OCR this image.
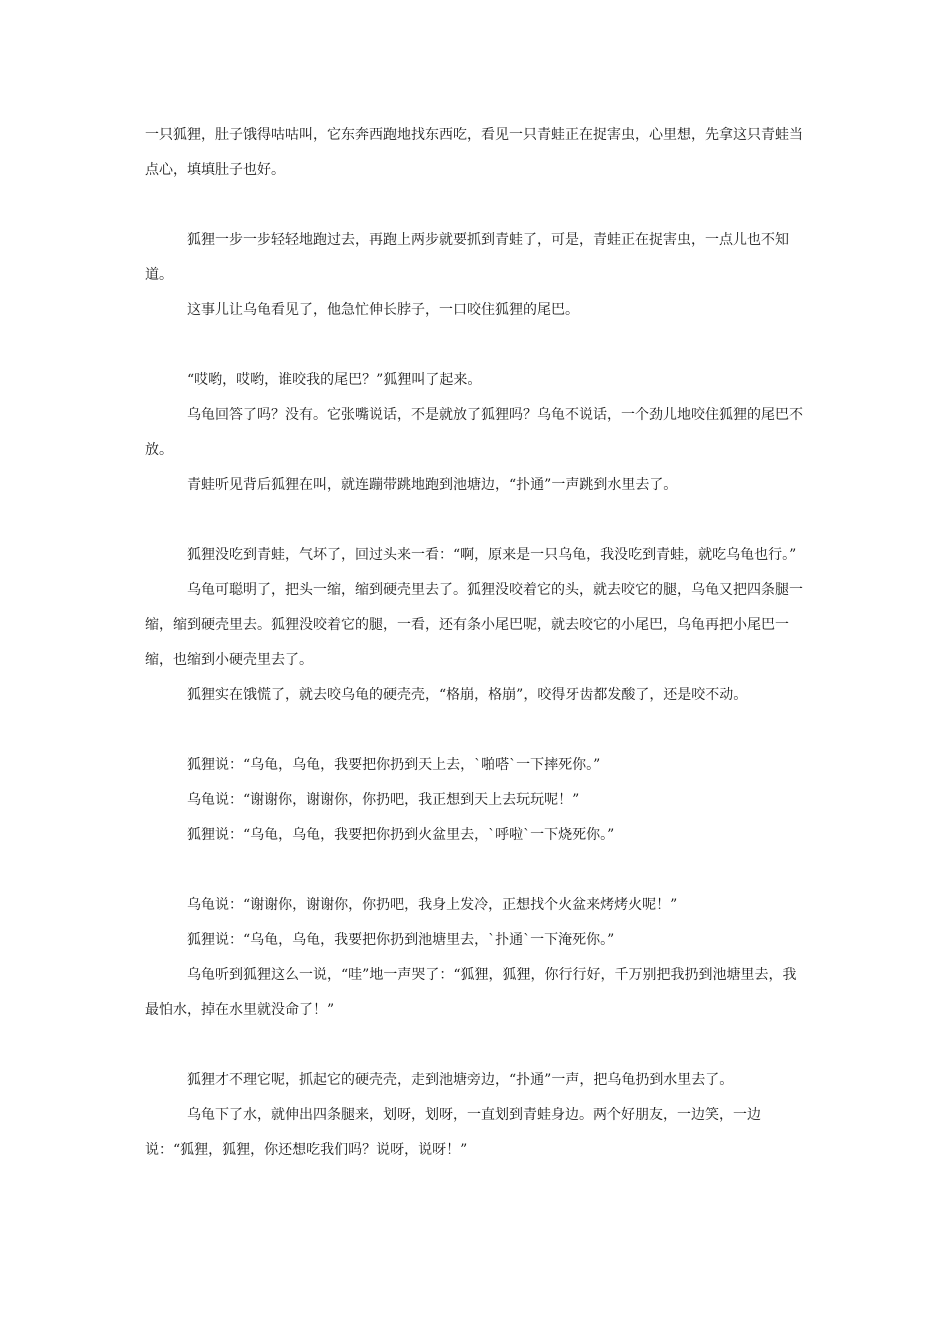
一只狐狸，肚子饿得咕咕叫，它东奔西跑地找东西吃，看见一只青蛙正在捉害虫，心里想，先拿这只青蛙当点心，填填肚子也好。

狐狸一步一步轻轻地跑过去，再跑上两步就要抓到青蛙了，可是，青蛙正在捉害虫，一点儿也不知道。

这事儿让乌龟看见了，他急忙伸长脖子，一口咬住狐狸的尾巴。

“哎哟，哎哟，谁咬我的尾巴？”狐狸叫了起来。

乌龟回答了吗？没有。它张嘴说话，不是就放了狐狸吗？乌龟不说话，一个劲儿地咬住狐狸的尾巴不放。

青蛙听见背后狐狸在叫，就连蹦带跳地跑到池塘边，“扑通”一声跳到水里去了。

狐狸没吃到青蛙，气坏了，回过头来一看：“啊，原来是一只乌龟，我没吃到青蛙，就吃乌龟也行。”

乌龟可聪明了，把头一缩，缩到硬壳里去了。狐狸没咬着它的头，就去咬它的腿，乌龟又把四条腿一缩，缩到硬壳里去。狐狸没咬着它的腿，一看，还有条小尾巴呢，就去咬它的小尾巴，乌龟再把小尾巴一缩，也缩到小硬壳里去了。

狐狸实在饿慌了，就去咬乌龟的硬壳壳，“格崩，格崩”，咬得牙齿都发酸了，还是咬不动。

狐狸说：“乌龟，乌龟，我要把你扔到天上去，`啪嗒`一下摔死你。”

乌龟说：“谢谢你，谢谢你，你扔吧，我正想到天上去玩玩呢！”

狐狸说：“乌龟，乌龟，我要把你扔到火盆里去，`呼啦`一下烧死你。”

乌龟说：“谢谢你，谢谢你，你扔吧，我身上发冷，正想找个火盆来烤烤火呢！”

狐狸说：“乌龟，乌龟，我要把你扔到池塘里去，`扑通`一下淹死你。”

乌龟听到狐狸这么一说，“哇”地一声哭了：“狐狸，狐狸，你行行好，千万别把我扔到池塘里去，我最怕水，掉在水里就没命了！”

狐狸才不理它呢，抓起它的硬壳壳，走到池塘旁边，“扑通”一声，把乌龟扔到水里去了。

乌龟下了水，就伸出四条腿来，划呀，划呀，一直划到青蛙身边。两个好朋友，一边笑，一边说：“狐狸，狐狸，你还想吃我们吗？说呀，说呀！”
